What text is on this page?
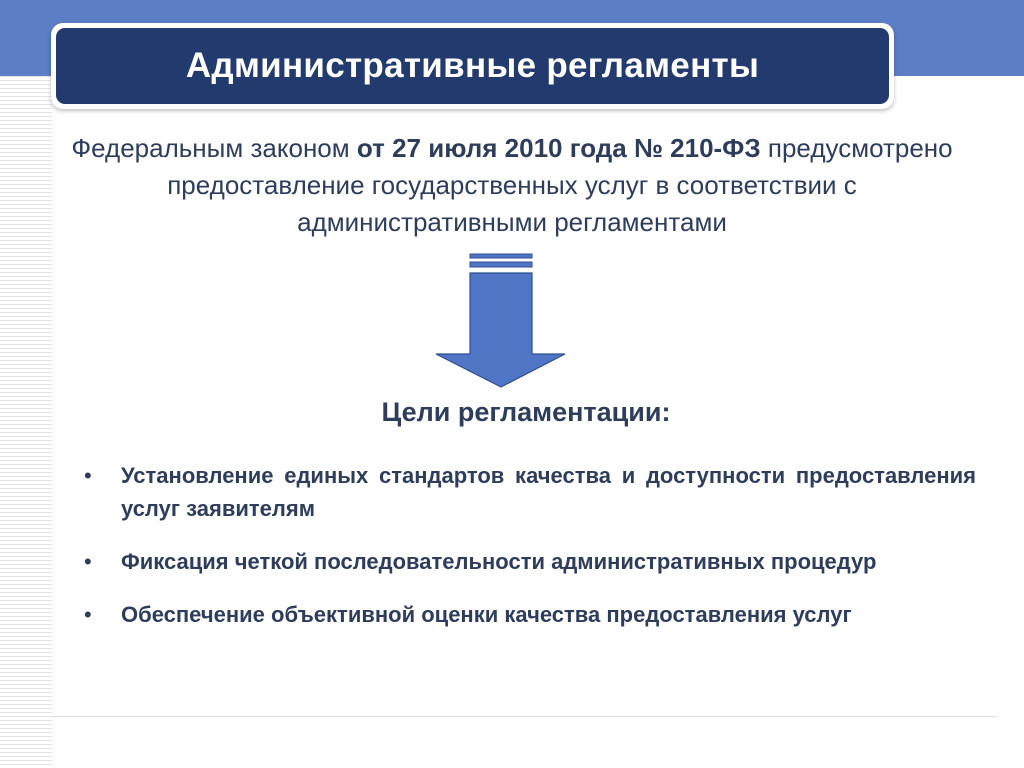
Административные регламенты
Федеральным законом от 27 июля 2010 года № 210-ФЗ предусмотрено предоставление государственных услуг в соответствии с административными регламентами
Цели регламентации:
• Установление единых стандартов качества и доступности предоставления услуг заявителям
• Фиксация четкой последовательности административных процедур
• Обеспечение объективной оценки качества предоставления услуг
